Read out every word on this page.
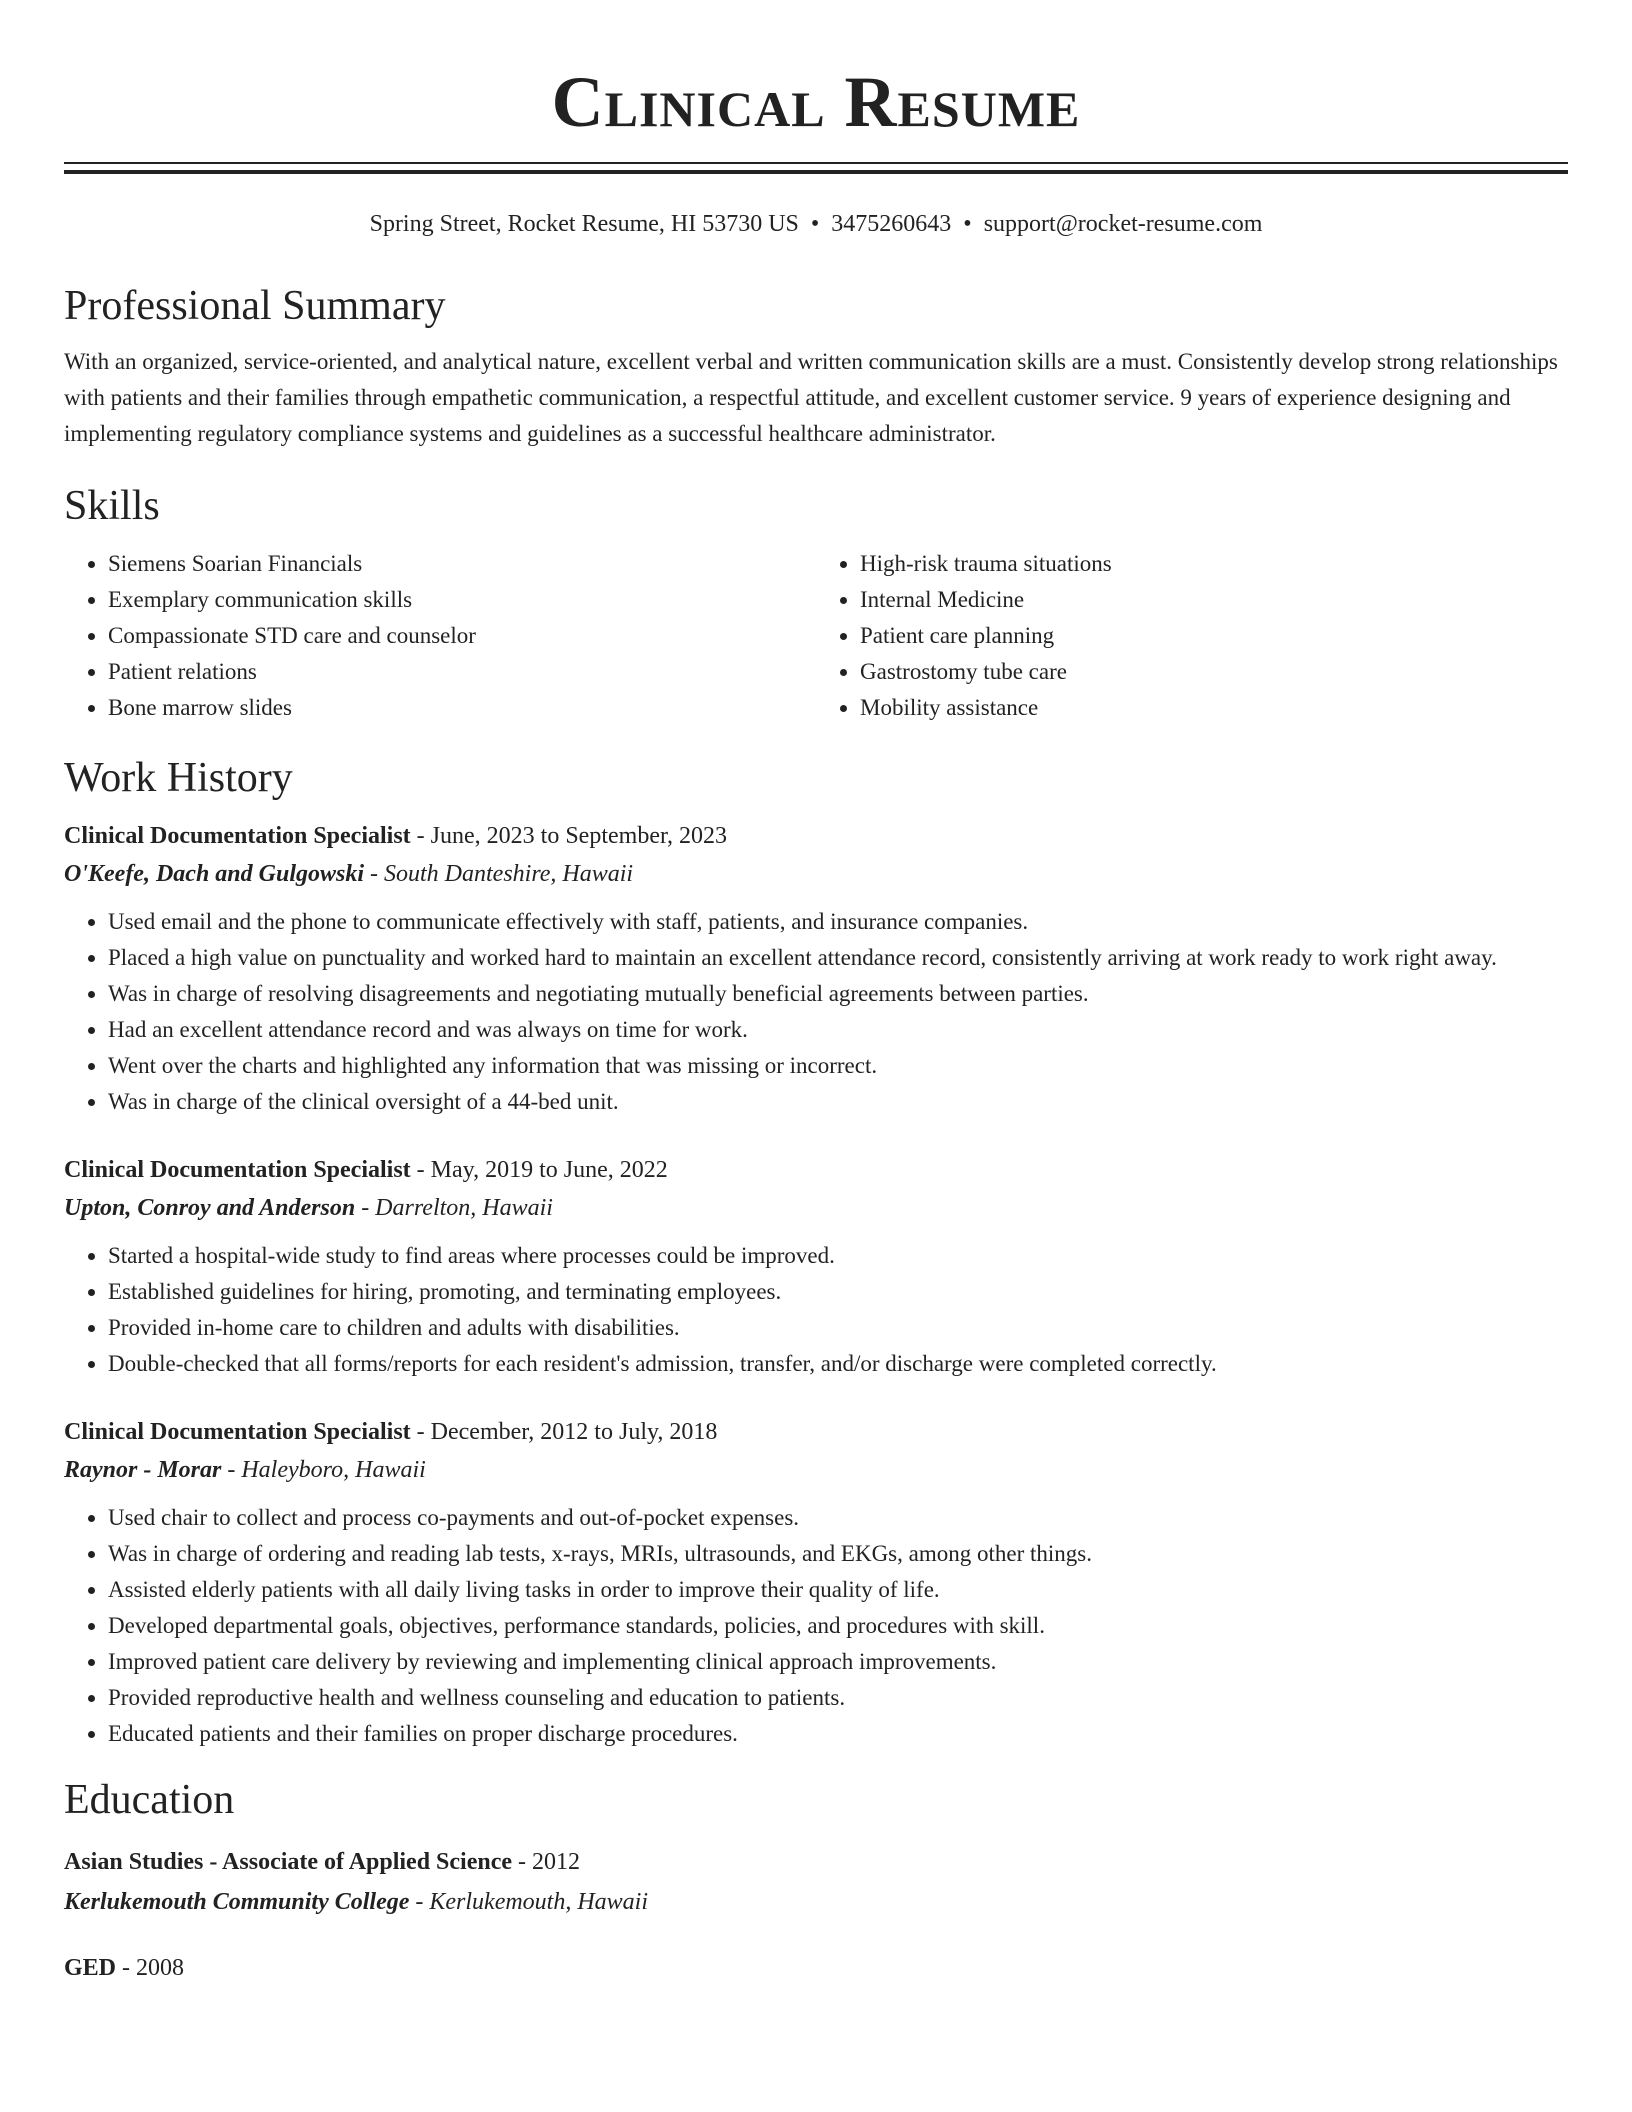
Clinical Resume
Spring Street, Rocket Resume, HI 53730 US • 3475260643 • support@rocket-resume.com
Professional Summary
With an organized, service-oriented, and analytical nature, excellent verbal and written communication skills are a must. Consistently develop strong relationships with patients and their families through empathetic communication, a respectful attitude, and excellent customer service. 9 years of experience designing and implementing regulatory compliance systems and guidelines as a successful healthcare administrator.
Skills
• Siemens Soarian Financials
• Exemplary communication skills
• Compassionate STD care and counselor
• Patient relations
• Bone marrow slides
• High-risk trauma situations
• Internal Medicine
• Patient care planning
• Gastrostomy tube care
• Mobility assistance
Work History
Clinical Documentation Specialist - June, 2023 to September, 2023
O'Keefe, Dach and Gulgowski - South Danteshire, Hawaii
• Used email and the phone to communicate effectively with staff, patients, and insurance companies.
• Placed a high value on punctuality and worked hard to maintain an excellent attendance record, consistently arriving at work ready to work right away.
• Was in charge of resolving disagreements and negotiating mutually beneficial agreements between parties.
• Had an excellent attendance record and was always on time for work.
• Went over the charts and highlighted any information that was missing or incorrect.
• Was in charge of the clinical oversight of a 44-bed unit.
Clinical Documentation Specialist - May, 2019 to June, 2022
Upton, Conroy and Anderson - Darrelton, Hawaii
• Started a hospital-wide study to find areas where processes could be improved.
• Established guidelines for hiring, promoting, and terminating employees.
• Provided in-home care to children and adults with disabilities.
• Double-checked that all forms/reports for each resident's admission, transfer, and/or discharge were completed correctly.
Clinical Documentation Specialist - December, 2012 to July, 2018
Raynor - Morar - Haleyboro, Hawaii
• Used chair to collect and process co-payments and out-of-pocket expenses.
• Was in charge of ordering and reading lab tests, x-rays, MRIs, ultrasounds, and EKGs, among other things.
• Assisted elderly patients with all daily living tasks in order to improve their quality of life.
• Developed departmental goals, objectives, performance standards, policies, and procedures with skill.
• Improved patient care delivery by reviewing and implementing clinical approach improvements.
• Provided reproductive health and wellness counseling and education to patients.
• Educated patients and their families on proper discharge procedures.
Education
Asian Studies - Associate of Applied Science - 2012
Kerlukemouth Community College - Kerlukemouth, Hawaii
GED - 2008
